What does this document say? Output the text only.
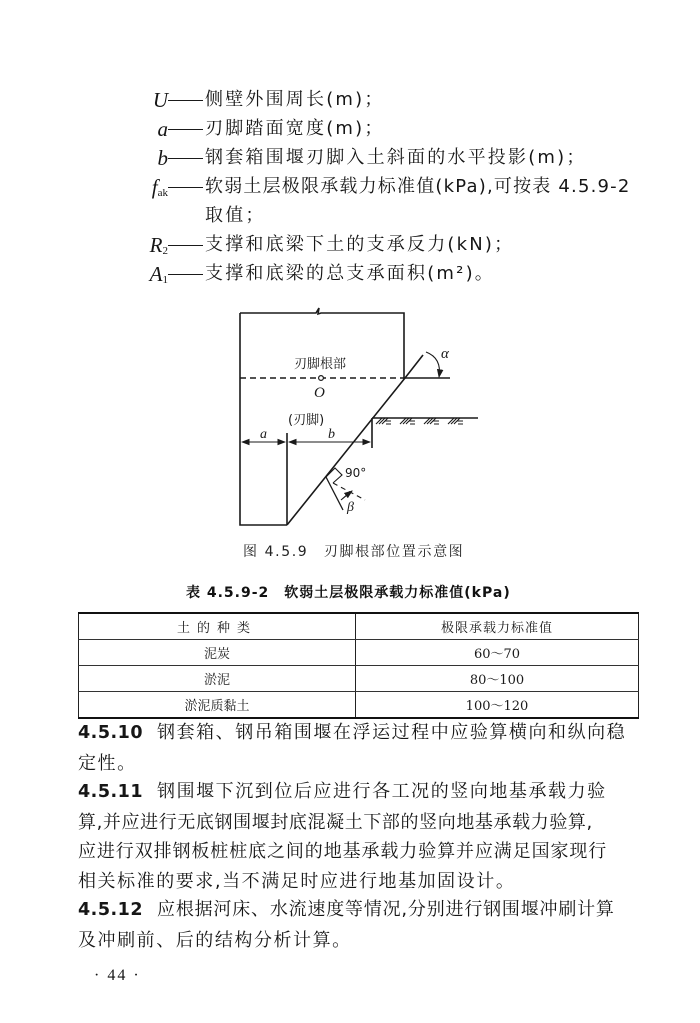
U 侧壁外围周长(m)；
a 刃脚踏面宽度(m)；
b 钢套箱围堰刃脚入土斜面的水平投影(m)；
$f_{ak}$ 软弱土层极限承载力标准值(kPa),可按表 4.5.9-2
取值；
$R_2$ 支撑和底梁下土的支承反力(kN)；
$A_1$ 支撑和底梁的总支承面积(m²)。
刃脚根部
O
(刃脚)
a	b
α
β
90°
图 4.5.9　刃脚根部位置示意图
表 4.5.9-2　软弱土层极限承载力标准值(kPa)
土的种类	极限承载力标准值
泥炭	60～70
淤泥	80～100
淤泥质黏土	100～120
4.5.10 钢套箱、钢吊箱围堰在浮运过程中应验算横向和纵向稳
定性。
4.5.11 钢围堰下沉到位后应进行各工况的竖向地基承载力验
算,并应进行无底钢围堰封底混凝土下部的竖向地基承载力验算,
应进行双排钢板桩桩底之间的地基承载力验算并应满足国家现行
相关标准的要求,当不满足时应进行地基加固设计。
4.5.12 应根据河床、水流速度等情况,分别进行钢围堰冲刷计算
及冲刷前、后的结构分析计算。
· 44 ·
